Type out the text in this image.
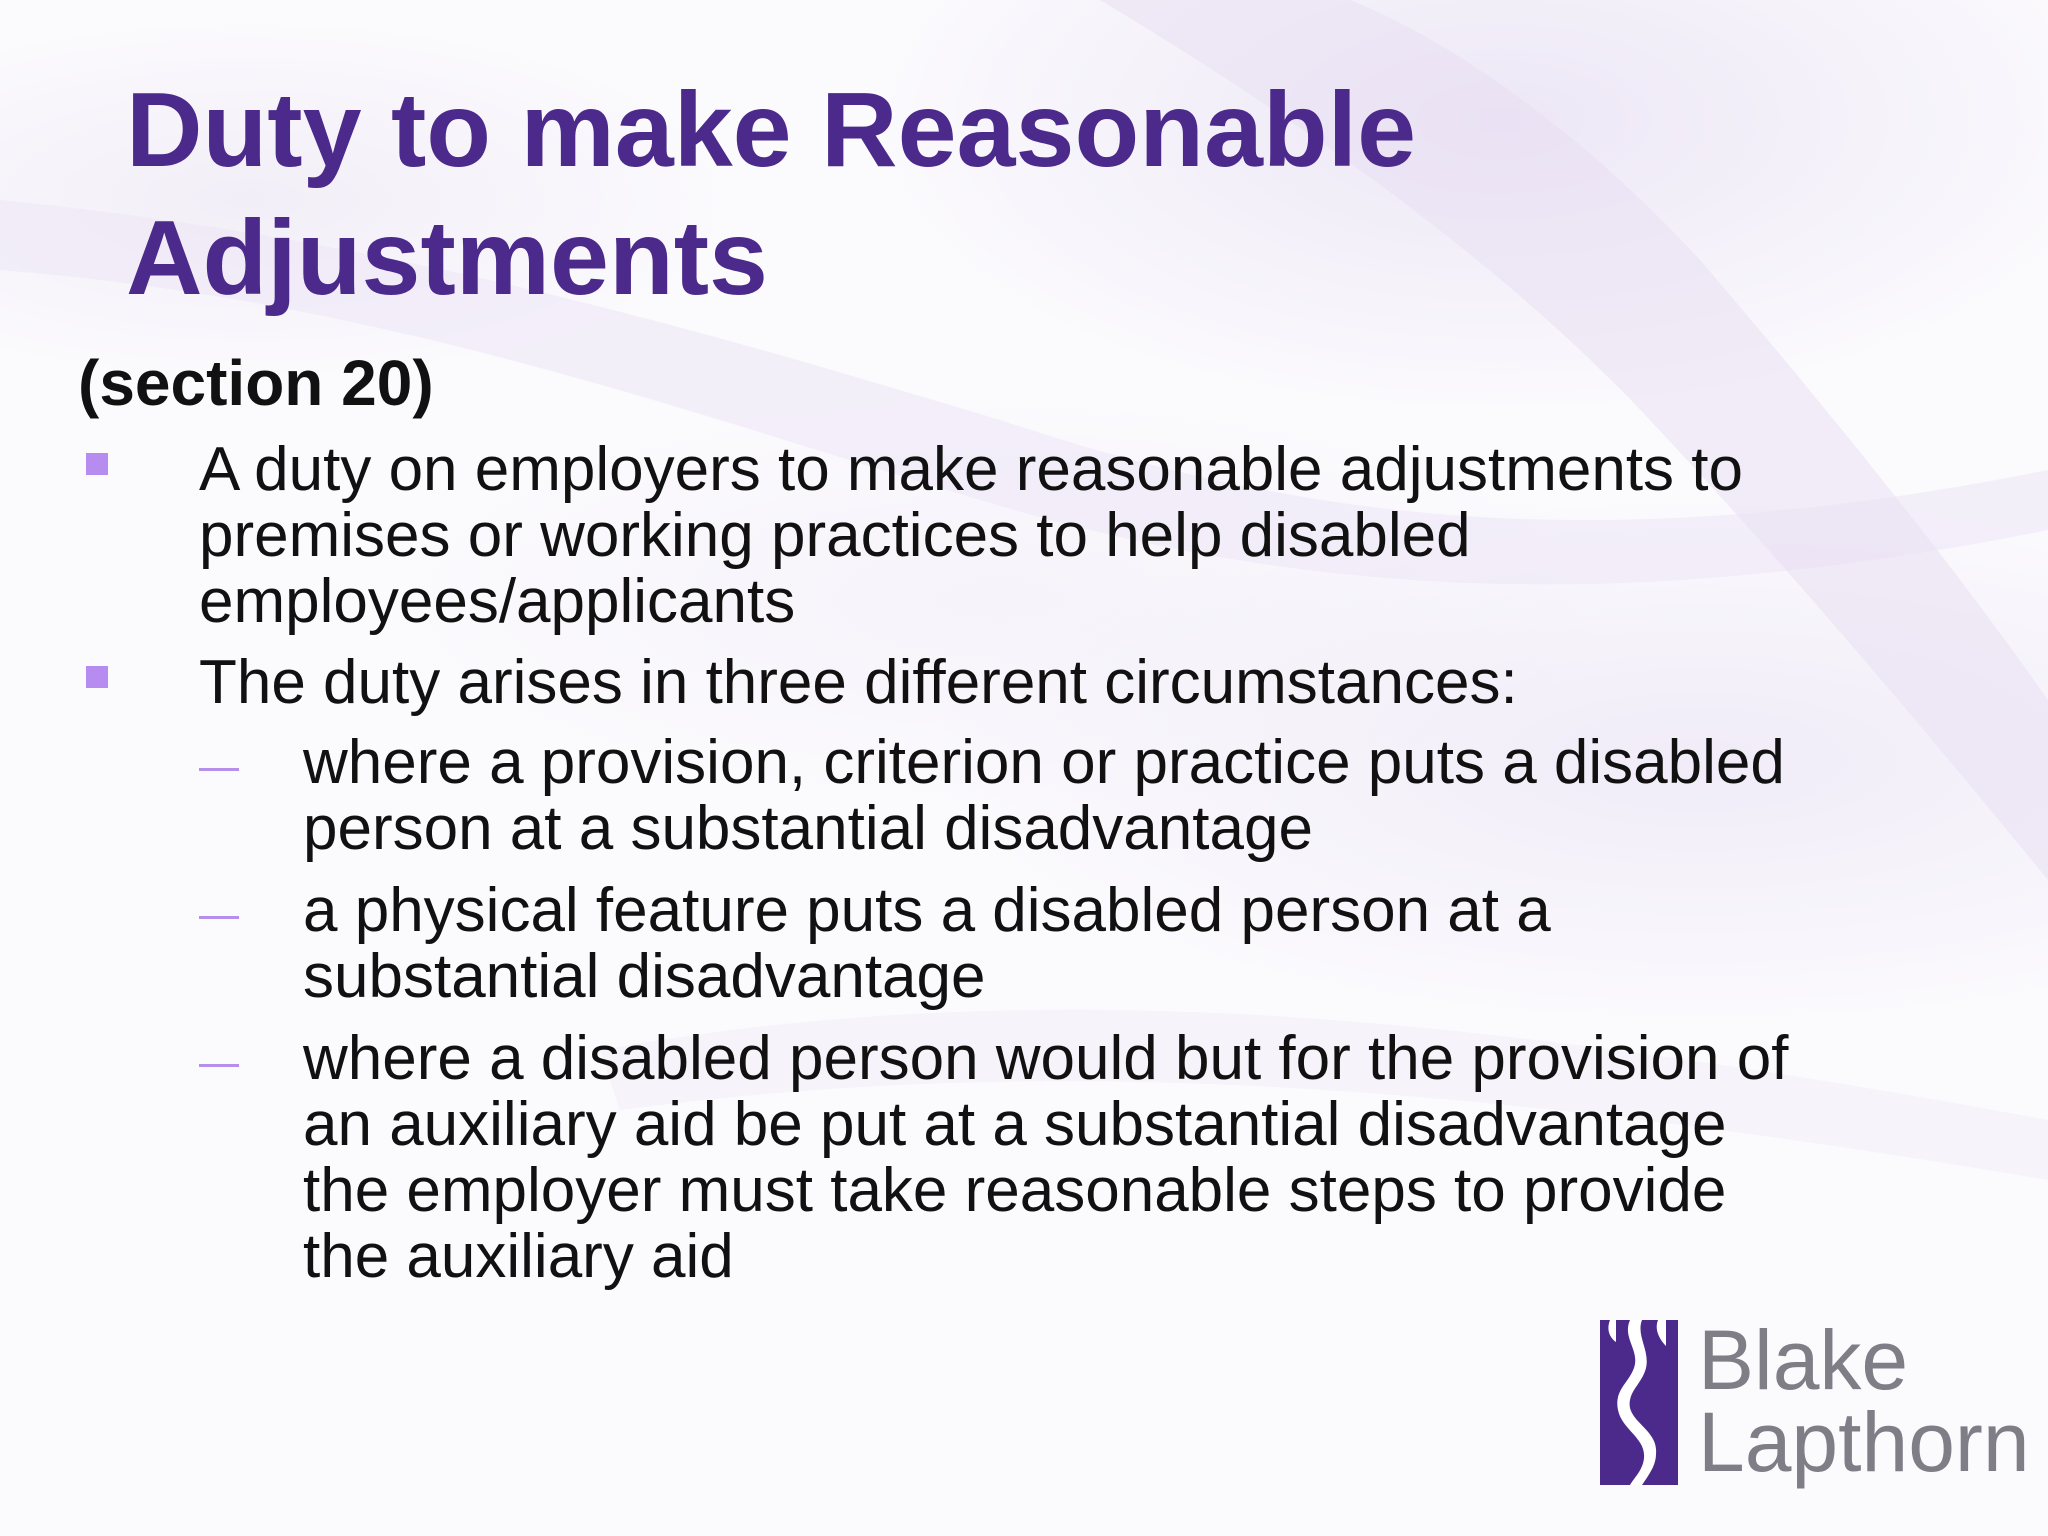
Duty to make Reasonable
Adjustments

(section 20)

A duty on employers to make reasonable adjustments to
premises or working practices to help disabled
employees/applicants

The duty arises in three different circumstances:

where a provision, criterion or practice puts a disabled
person at a substantial disadvantage

a physical feature puts a disabled person at a
substantial disadvantage

where a disabled person would but for the provision of
an auxiliary aid be put at a substantial disadvantage
the employer must take reasonable steps to provide
the auxiliary aid

Blake
Lapthorn
